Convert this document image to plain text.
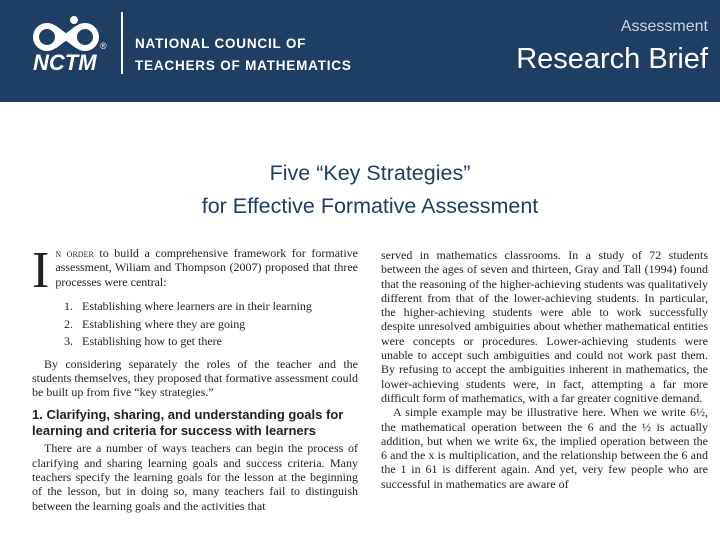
NCTM
® NATIONAL COUNCIL OF
TEACHERS OF MATHEMATICS
Assessment
Research Brief
Five “Key Strategies”
for Effective Formative Assessment
I n order to build a comprehensive framework for formative assessment, Wiliam and Thompson (2007) proposed that three processes were central:
1. Establishing where learners are in their learning
2. Establishing where they are going
3. Establishing how to get there

By considering separately the roles of the teacher and the students themselves, they proposed that formative assessment could be built up from five “key strategies.”

1. Clarifying, sharing, and understanding goals for learning and criteria for success with learners

There are a number of ways teachers can begin the process of clarifying and sharing learning goals and success criteria. Many teachers specify the learning goals for the lesson at the beginning of the lesson, but in doing so, many teachers fail to distinguish between the learning goals and the activities that

served in mathematics classrooms. In a study of 72 students between the ages of seven and thirteen, Gray and Tall (1994) found that the reasoning of the higher-achieving students was qualitatively different from that of the lower-achieving students. In particular, the higher-achieving students were able to work successfully despite unresolved ambiguities about whether mathematical entities were concepts or procedures. Lower-achieving students were unable to accept such ambiguities and could not work past them. By refusing to accept the ambiguities inherent in mathematics, the lower-achieving students were, in fact, attempting a far more difficult form of mathematics, with a far greater cognitive demand.

A simple example may be illustrative here. When we write 6½, the mathematical operation between the 6 and the ½ is actually addition, but when we write 6x, the implied operation between the 6 and the x is multiplication, and the relationship between the 6 and the 1 in 61 is different again. And yet, very few people who are successful in mathematics are aware of
